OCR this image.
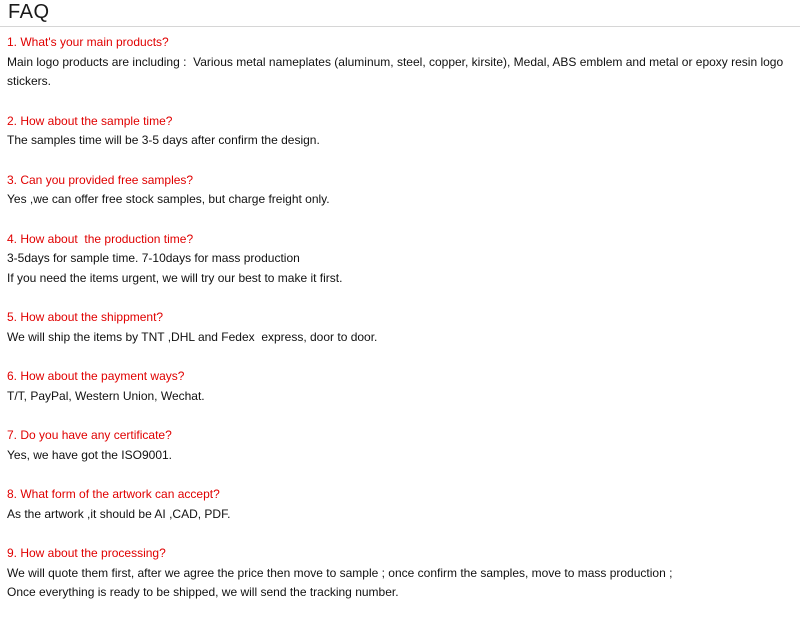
FAQ
1. What's your main products?
Main logo products are including :  Various metal nameplates (aluminum, steel, copper, kirsite), Medal, ABS emblem and metal or epoxy resin logo stickers.
2. How about the sample time?
The samples time will be 3-5 days after confirm the design.
3. Can you provided free samples?
Yes ,we can offer free stock samples, but charge freight only.
4. How about  the production time?
3-5days for sample time. 7-10days for mass production
If you need the items urgent, we will try our best to make it first.
5. How about the shippment?
We will ship the items by TNT ,DHL and Fedex  express, door to door.
6. How about the payment ways?
T/T, PayPal, Western Union, Wechat.
7. Do you have any certificate?
Yes, we have got the ISO9001.
8. What form of the artwork can accept?
As the artwork ,it should be AI ,CAD, PDF.
9. How about the processing?
We will quote them first, after we agree the price then move to sample ; once confirm the samples, move to mass production ;
Once everything is ready to be shipped, we will send the tracking number.
